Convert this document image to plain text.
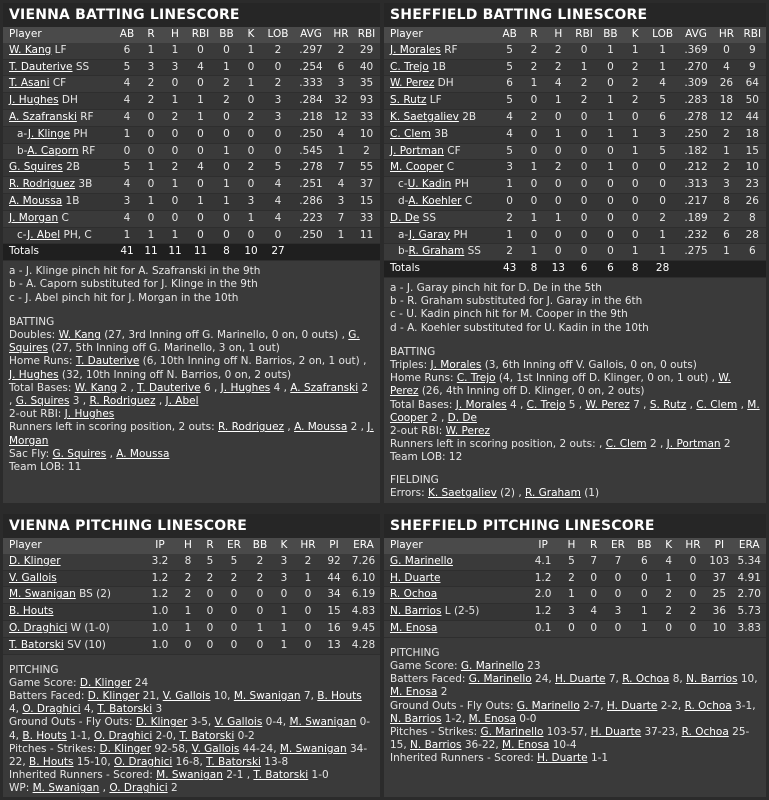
VIENNA BATTING LINESCORE
Player	AB	R	H	RBI	BB	K	LOB	AVG	HR	RBI
W. Kang LF	6	1	1	0	0	1	2	.297	2	29
T. Dauterive SS	5	3	3	4	1	0	0	.254	6	40
T. Asani CF	4	2	0	0	2	1	2	.333	3	35
J. Hughes DH	4	2	1	1	2	0	3	.284	32	93
A. Szafranski RF	4	0	2	1	0	2	3	.218	12	33
a-J. Klinge PH	1	0	0	0	0	0	0	.250	4	10
b-A. Caporn RF	0	0	0	0	1	0	0	.545	1	2
G. Squires 2B	5	1	2	4	0	2	5	.278	7	55
R. Rodriguez 3B	4	0	1	0	1	0	4	.251	4	37
A. Moussa 1B	3	1	0	1	1	3	4	.286	3	15
J. Morgan C	4	0	0	0	0	1	4	.223	7	33
c-J. Abel PH, C	1	1	1	0	0	0	0	.250	1	11
Totals	41	11	11	11	8	10	27			
a - J. Klinge pinch hit for A. Szafranski in the 9th
b - A. Caporn substituted for J. Klinge in the 9th
c - J. Abel pinch hit for J. Morgan in the 10th
BATTING
Doubles: W. Kang (27, 3rd Inning off G. Marinello, 0 on, 0 outs) , G. Squires (27, 5th Inning off G. Marinello, 3 on, 1 out)
Home Runs: T. Dauterive (6, 10th Inning off N. Barrios, 2 on, 1 out) , J. Hughes (32, 10th Inning off N. Barrios, 0 on, 2 outs)
Total Bases: W. Kang 2 , T. Dauterive 6 , J. Hughes 4 , A. Szafranski 2 , G. Squires 3 , R. Rodriguez , J. Abel
2-out RBI: J. Hughes
Runners left in scoring position, 2 outs: R. Rodriguez , A. Moussa 2 , J. Morgan
Sac Fly: G. Squires , A. Moussa
Team LOB: 11
SHEFFIELD BATTING LINESCORE
Player	AB	R	H	RBI	BB	K	LOB	AVG	HR	RBI
J. Morales RF	5	2	2	0	1	1	1	.369	0	9
C. Trejo 1B	5	2	2	1	0	2	1	.270	4	9
W. Perez DH	6	1	4	2	0	2	4	.309	26	64
S. Rutz LF	5	0	1	2	1	2	5	.283	18	50
K. Saetgaliev 2B	4	2	0	0	1	0	6	.278	12	44
C. Clem 3B	4	0	1	0	1	1	3	.250	2	18
J. Portman CF	5	0	0	0	0	1	5	.182	1	15
M. Cooper C	3	1	2	0	1	0	0	.212	2	10
c-U. Kadin PH	1	0	0	0	0	0	0	.313	3	23
d-A. Koehler C	0	0	0	0	0	0	0	.217	8	26
D. De SS	2	1	1	0	0	0	2	.189	2	8
a-J. Garay PH	1	0	0	0	0	0	1	.232	6	28
b-R. Graham SS	2	1	0	0	0	1	1	.275	1	6
Totals	43	8	13	6	6	8	28			
a - J. Garay pinch hit for D. De in the 5th
b - R. Graham substituted for J. Garay in the 6th
c - U. Kadin pinch hit for M. Cooper in the 9th
d - A. Koehler substituted for U. Kadin in the 10th
BATTING
Triples: J. Morales (3, 6th Inning off V. Gallois, 0 on, 0 outs)
Home Runs: C. Trejo (4, 1st Inning off D. Klinger, 0 on, 1 out) , W. Perez (26, 4th Inning off D. Klinger, 0 on, 2 outs)
Total Bases: J. Morales 4 , C. Trejo 5 , W. Perez 7 , S. Rutz , C. Clem , M. Cooper 2 , D. De
2-out RBI: W. Perez
Runners left in scoring position, 2 outs: , C. Clem 2 , J. Portman 2
Team LOB: 12
FIELDING
Errors: K. Saetgaliev (2) , R. Graham (1)
VIENNA PITCHING LINESCORE
Player	IP	H	R	ER	BB	K	HR	PI	ERA
D. Klinger	3.2	8	5	5	2	3	2	92	7.26
V. Gallois	1.2	2	2	2	2	3	1	44	6.10
M. Swanigan BS (2)	1.2	2	0	0	0	0	0	34	6.19
B. Houts	1.0	1	0	0	0	1	0	15	4.83
O. Draghici W (1-0)	1.0	1	0	0	1	1	0	16	9.45
T. Batorski SV (10)	1.0	0	0	0	0	1	0	13	4.28
PITCHING
Game Score: D. Klinger 24
Batters Faced: D. Klinger 21, V. Gallois 10, M. Swanigan 7, B. Houts 4, O. Draghici 4, T. Batorski 3
Ground Outs - Fly Outs: D. Klinger 3-5, V. Gallois 0-4, M. Swanigan 0-4, B. Houts 1-1, O. Draghici 2-0, T. Batorski 0-2
Pitches - Strikes: D. Klinger 92-58, V. Gallois 44-24, M. Swanigan 34-22, B. Houts 15-10, O. Draghici 16-8, T. Batorski 13-8
Inherited Runners - Scored: M. Swanigan 2-1 , T. Batorski 1-0
WP: M. Swanigan , O. Draghici 2
SHEFFIELD PITCHING LINESCORE
Player	IP	H	R	ER	BB	K	HR	PI	ERA
G. Marinello	4.1	5	7	7	6	4	0	103	5.34
H. Duarte	1.2	2	0	0	0	1	0	37	4.91
R. Ochoa	2.0	1	0	0	0	2	0	25	2.70
N. Barrios L (2-5)	1.2	3	4	3	1	2	2	36	5.73
M. Enosa	0.1	0	0	0	1	0	0	10	3.83
PITCHING
Game Score: G. Marinello 23
Batters Faced: G. Marinello 24, H. Duarte 7, R. Ochoa 8, N. Barrios 10, M. Enosa 2
Ground Outs - Fly Outs: G. Marinello 2-7, H. Duarte 2-2, R. Ochoa 3-1, N. Barrios 1-2, M. Enosa 0-0
Pitches - Strikes: G. Marinello 103-57, H. Duarte 37-23, R. Ochoa 25-15, N. Barrios 36-22, M. Enosa 10-4
Inherited Runners - Scored: H. Duarte 1-1
